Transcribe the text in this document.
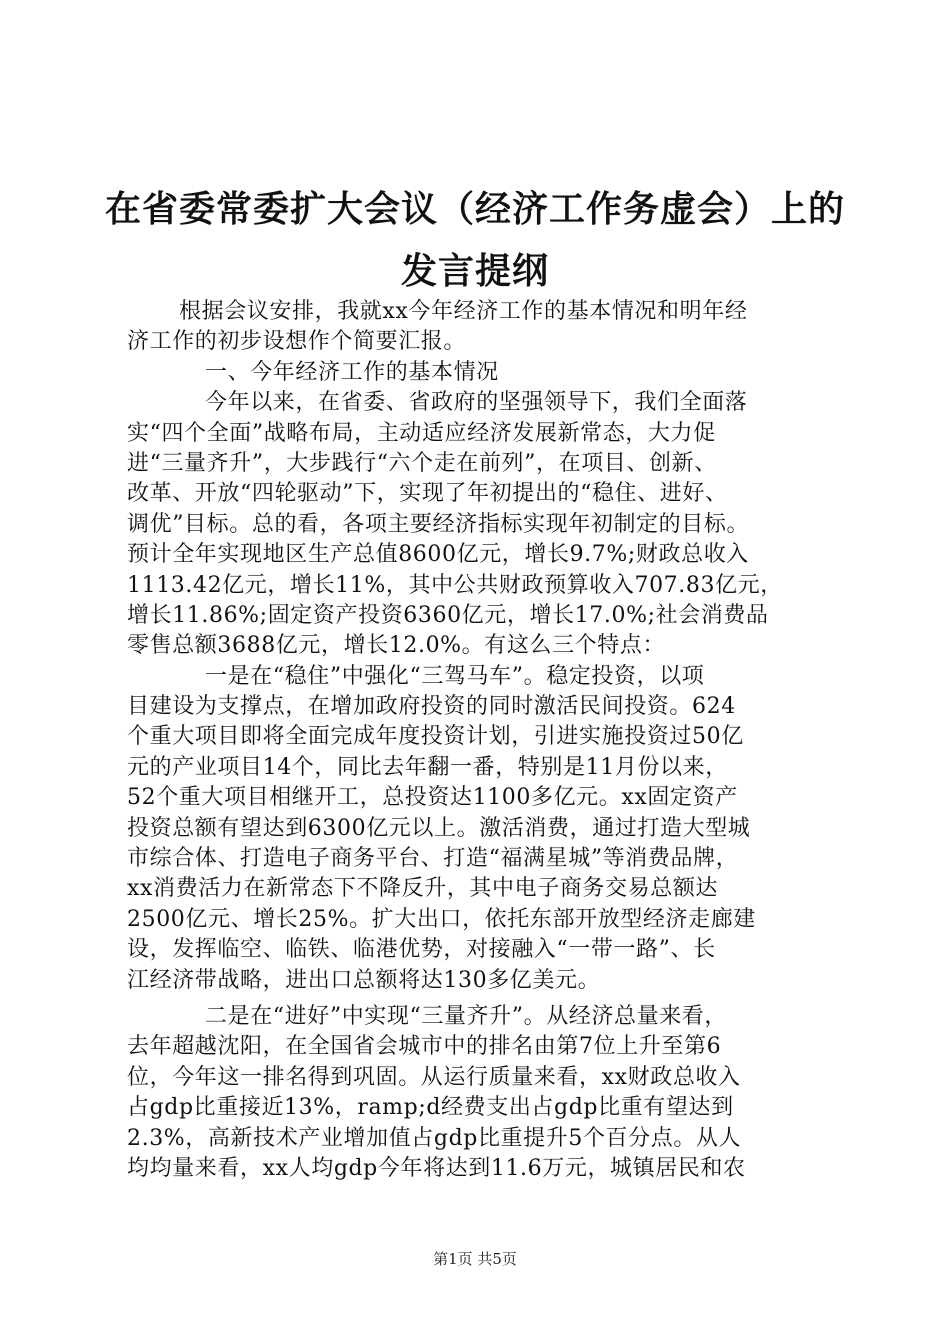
在省委常委扩大会议（经济工作务虚会）上的
发言提纲
根据会议安排，我就xx今年经济工作的基本情况和明年经
济工作的初步设想作个简要汇报。
一、今年经济工作的基本情况
今年以来，在省委、省政府的坚强领导下，我们全面落
实“四个全面”战略布局，主动适应经济发展新常态，大力促
进“三量齐升”，大步践行“六个走在前列”，在项目、创新、
改革、开放“四轮驱动”下，实现了年初提出的“稳住、进好、
调优”目标。总的看，各项主要经济指标实现年初制定的目标。
预计全年实现地区生产总值8600亿元，增长9.7%;财政总收入
1113.42亿元，增长11%，其中公共财政预算收入707.83亿元，
增长11.86%;固定资产投资6360亿元，增长17.0%;社会消费品
零售总额3688亿元，增长12.0%。有这么三个特点：
一是在“稳住”中强化“三驾马车”。稳定投资，以项
目建设为支撑点，在增加政府投资的同时激活民间投资。624
个重大项目即将全面完成年度投资计划，引进实施投资过50亿
元的产业项目14个，同比去年翻一番，特别是11月份以来，
52个重大项目相继开工，总投资达1100多亿元。xx固定资产
投资总额有望达到6300亿元以上。激活消费，通过打造大型城
市综合体、打造电子商务平台、打造“福满星城”等消费品牌，
xx消费活力在新常态下不降反升，其中电子商务交易总额达
2500亿元、增长25%。扩大出口，依托东部开放型经济走廊建
设，发挥临空、临铁、临港优势，对接融入“一带一路”、长
江经济带战略，进出口总额将达130多亿美元。
二是在“进好”中实现“三量齐升”。从经济总量来看，
去年超越沈阳，在全国省会城市中的排名由第7位上升至第6
位，今年这一排名得到巩固。从运行质量来看，xx财政总收入
占gdp比重接近13%，ramp;d经费支出占gdp比重有望达到
2.3%，高新技术产业增加值占gdp比重提升5个百分点。从人
均均量来看，xx人均gdp今年将达到11.6万元，城镇居民和农
第1页 共5页
